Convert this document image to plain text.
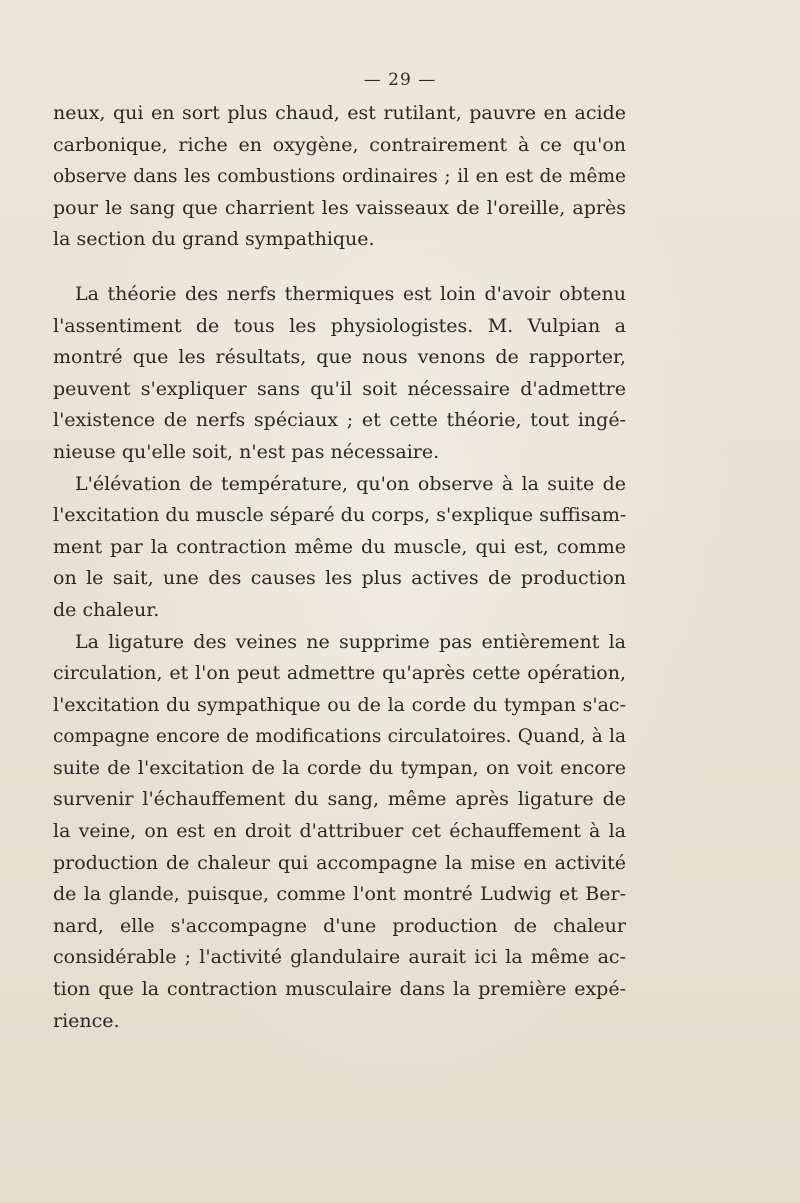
— 29 —
neux, qui en sort plus chaud, est rutilant, pauvre en acide
carbonique, riche en oxygène, contrairement à ce qu'on
observe dans les combustions ordinaires ; il en est de même
pour le sang que charrient les vaisseaux de l'oreille, après
la section du grand sympathique.
La théorie des nerfs thermiques est loin d'avoir obtenu
l'assentiment de tous les physiologistes. M. Vulpian a
montré que les résultats, que nous venons de rapporter,
peuvent s'expliquer sans qu'il soit nécessaire d'admettre
l'existence de nerfs spéciaux ; et cette théorie, tout ingé-
nieuse qu'elle soit, n'est pas nécessaire.
L'élévation de température, qu'on observe à la suite de
l'excitation du muscle séparé du corps, s'explique suffisam-
ment par la contraction même du muscle, qui est, comme
on le sait, une des causes les plus actives de production
de chaleur.
La ligature des veines ne supprime pas entièrement la
circulation, et l'on peut admettre qu'après cette opération,
l'excitation du sympathique ou de la corde du tympan s'ac-
compagne encore de modifications circulatoires. Quand, à la
suite de l'excitation de la corde du tympan, on voit encore
survenir l'échauffement du sang, même après ligature de
la veine, on est en droit d'attribuer cet échauffement à la
production de chaleur qui accompagne la mise en activité
de la glande, puisque, comme l'ont montré Ludwig et Ber-
nard, elle s'accompagne d'une production de chaleur
considérable ; l'activité glandulaire aurait ici la même ac-
tion que la contraction musculaire dans la première expé-
rience.
